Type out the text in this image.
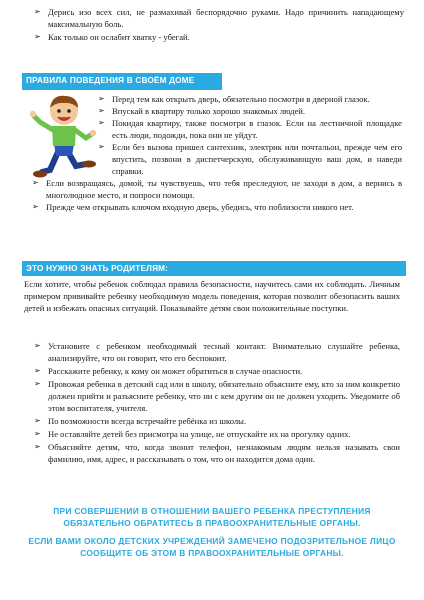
➢ Дерись изо всех сил, не размахивай беспорядочно руками. Надо причинить нападающему максимальную боль.
➢ Как только он ослабит хватку - убегай.
ПРАВИЛА ПОВЕДЕНИЯ В СВОЁМ ДОМЕ
➢ Перед тем как открыть дверь, обязательно посмотри в дверной глазок.
➢ Впускай в квартиру только хорошо знакомых людей.
➢ Покидая квартиру, также посмотри в глазок. Если на лестничной площадке есть люди, подожди, пока они не уйдут.
➢ Если без вызова пришел сантехник, электрик или почтальон, прежде чем его впустить, позвони в диспетчерскую, обслуживающую ваш дом, и наведи справки.
➢ Если возвращаясь, домой, ты чувствуешь, что тебя преследуют, не заходи в дом, а вернись в многолюдное место, и попроси помощи.
➢ Прежде чем открывать ключом входную дверь, убедись, что поблизости никого нет.
ЭТО НУЖНО ЗНАТЬ РОДИТЕЛЯМ:
Если хотите, чтобы ребенок соблюдал правила безопасности, научитесь сами их соблюдать. Личным примером прививайте ребенку необходимую модель поведения, которая позволит обезопасить ваших детей и избежать опасных ситуаций. Показывайте детям свои положительные поступки.
➢ Установите с ребенком необходимый тесный контакт. Внимательно слушайте ребенка, анализируйте, что он говорит, что его беспокоит.
➢ Расскажите ребенку, к кому он может обратиться в случае опасности.
➢ Провожая ребенка в детский сад или в школу, обязательно объясните ему, кто за ним конкретно должен прийти и разъясните ребенку, что ни с кем другим он не должен уходить. Уведомите об этом воспитателя, учителя.
➢ По возможности всегда встречайте ребёнка из школы.
➢ Не оставляйте детей без присмотра на улице, не отпускайте их на прогулку одних.
➢ Объясняйте детям, что, когда звонит телефон, незнакомым людям нельзя называть свои фамилию, имя, адрес, и рассказывать о том, что он находится дома один.
ПРИ СОВЕРШЕНИИ В ОТНОШЕНИИ ВАШЕГО РЕБЕНКА ПРЕСТУПЛЕНИЯ ОБЯЗАТЕЛЬНО ОБРАТИТЕСЬ В ПРАВООХРАНИТЕЛЬНЫЕ ОРГАНЫ.
ЕСЛИ ВАМИ ОКОЛО ДЕТСКИХ УЧРЕЖДЕНИЙ ЗАМЕЧЕНО ПОДОЗРИТЕЛЬНОЕ ЛИЦО СООБЩИТЕ ОБ ЭТОМ В ПРАВООХРАНИТЕЛЬНЫЕ ОРГАНЫ.
